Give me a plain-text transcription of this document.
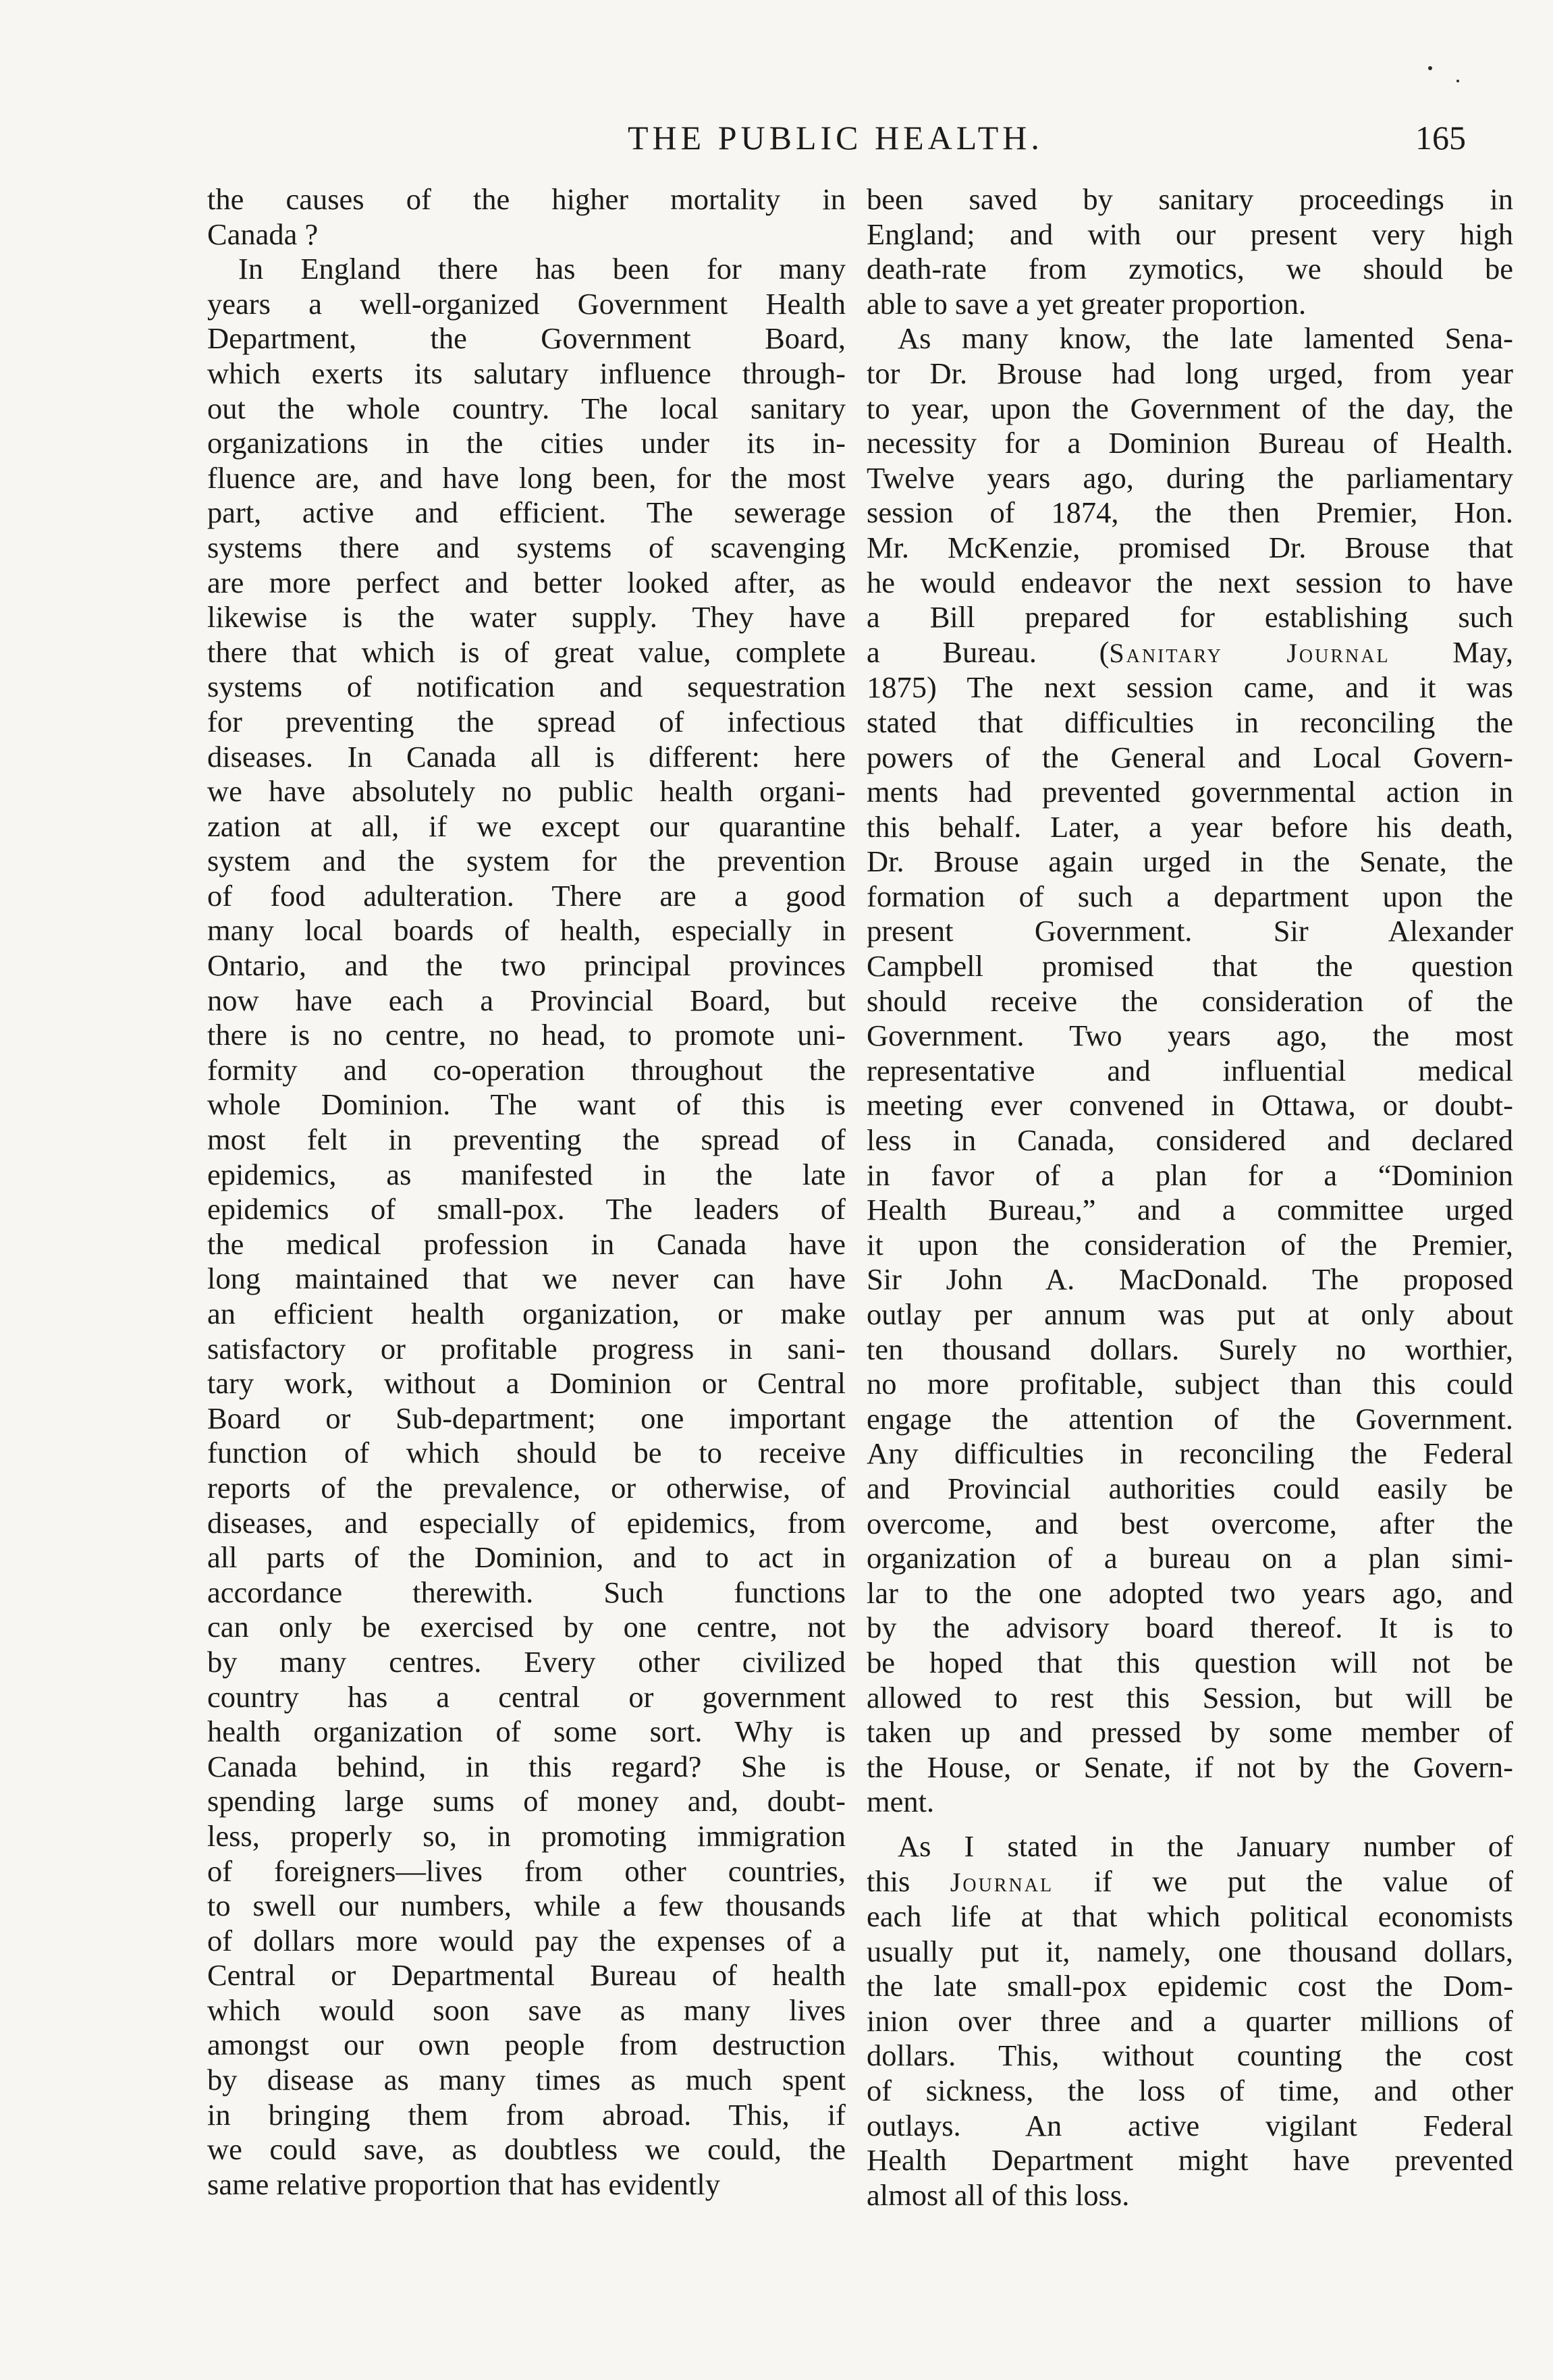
THE PUBLIC HEALTH.	165
the causes of the higher mortality in
Canada ?
In England there has been for many
years a well-organized Government Health
Department, the Government Board,
which exerts its salutary influence through-
out the whole country. The local sanitary
organizations in the cities under its in-
fluence are, and have long been, for the most
part, active and efficient. The sewerage
systems there and systems of scavenging
are more perfect and better looked after, as
likewise is the water supply. They have
there that which is of great value, complete
systems of notification and sequestration
for preventing the spread of infectious
diseases. In Canada all is different: here
we have absolutely no public health organi-
zation at all, if we except our quarantine
system and the system for the prevention
of food adulteration. There are a good
many local boards of health, especially in
Ontario, and the two principal provinces
now have each a Provincial Board, but
there is no centre, no head, to promote uni-
formity and co-operation throughout the
whole Dominion. The want of this is
most felt in preventing the spread of
epidemics, as manifested in the late
epidemics of small-pox. The leaders of
the medical profession in Canada have
long maintained that we never can have
an efficient health organization, or make
satisfactory or profitable progress in sani-
tary work, without a Dominion or Central
Board or Sub-department; one important
function of which should be to receive
reports of the prevalence, or otherwise, of
diseases, and especially of epidemics, from
all parts of the Dominion, and to act in
accordance therewith. Such functions
can only be exercised by one centre, not
by many centres. Every other civilized
country has a central or government
health organization of some sort. Why is
Canada behind, in this regard? She is
spending large sums of money and, doubt-
less, properly so, in promoting immigration
of foreigners—lives from other countries,
to swell our numbers, while a few thousands
of dollars more would pay the expenses of a
Central or Departmental Bureau of health
which would soon save as many lives
amongst our own people from destruction
by disease as many times as much spent
in bringing them from abroad. This, if
we could save, as doubtless we could, the
same relative proportion that has evidently
been saved by sanitary proceedings in
England; and with our present very high
death-rate from zymotics, we should be
able to save a yet greater proportion.
As many know, the late lamented Sena-
tor Dr. Brouse had long urged, from year
to year, upon the Government of the day, the
necessity for a Dominion Bureau of Health.
Twelve years ago, during the parliamentary
session of 1874, the then Premier, Hon.
Mr. McKenzie, promised Dr. Brouse that
he would endeavor the next session to have
a Bill prepared for establishing such
a Bureau. (Sanitary Journal May,
1875) The next session came, and it was
stated that difficulties in reconciling the
powers of the General and Local Govern-
ments had prevented governmental action in
this behalf. Later, a year before his death,
Dr. Brouse again urged in the Senate, the
formation of such a department upon the
present Government. Sir Alexander
Campbell promised that the question
should receive the consideration of the
Government. Two years ago, the most
representative and influential medical
meeting ever convened in Ottawa, or doubt-
less in Canada, considered and declared
in favor of a plan for a “Dominion
Health Bureau,” and a committee urged
it upon the consideration of the Premier,
Sir John A. MacDonald. The proposed
outlay per annum was put at only about
ten thousand dollars. Surely no worthier,
no more profitable, subject than this could
engage the attention of the Government.
Any difficulties in reconciling the Federal
and Provincial authorities could easily be
overcome, and best overcome, after the
organization of a bureau on a plan simi-
lar to the one adopted two years ago, and
by the advisory board thereof. It is to
be hoped that this question will not be
allowed to rest this Session, but will be
taken up and pressed by some member of
the House, or Senate, if not by the Govern-
ment.
As I stated in the January number of
this Journal if we put the value of
each life at that which political economists
usually put it, namely, one thousand dollars,
the late small-pox epidemic cost the Dom-
inion over three and a quarter millions of
dollars. This, without counting the cost
of sickness, the loss of time, and other
outlays. An active vigilant Federal
Health Department might have prevented
almost all of this loss.
